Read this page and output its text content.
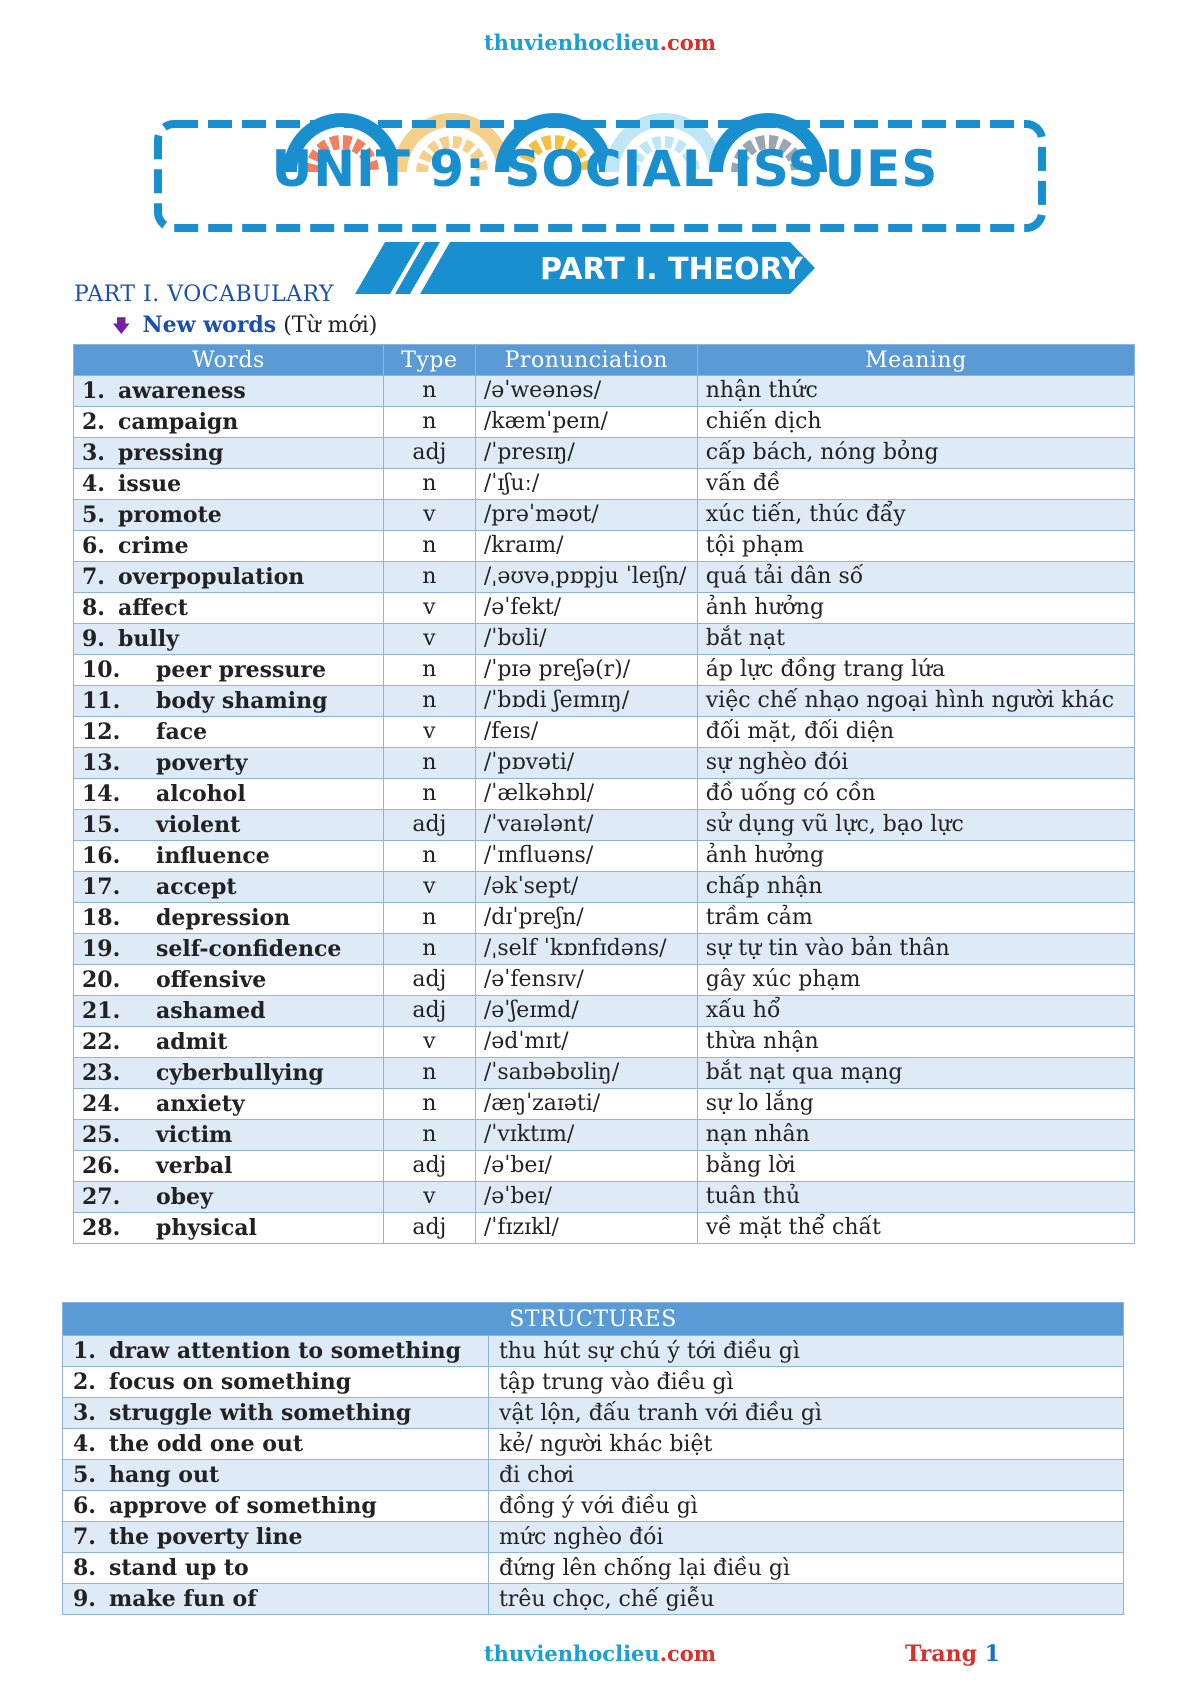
thuvienhoclieu.com
UNIT 9: SOCIAL ISSUES
PART I. THEORY
PART I. VOCABULARY
🡇 New words (Từ mới)
Words	Type	Pronunciation	Meaning
1. awareness	n	/əˈweənəs/	nhận thức
2. campaign	n	/kæmˈpeɪn/	chiến dịch
3. pressing	adj	/ˈpresɪŋ/	cấp bách, nóng bỏng
4. issue	n	/ˈɪʃuː/	vấn đề
5. promote	v	/prəˈməʊt/	xúc tiến, thúc đẩy
6. crime	n	/kraɪm/	tội phạm
7. overpopulation	n	/ˌəʊvəˌpɒpju ˈleɪʃn/	quá tải dân số
8. affect	v	/əˈfekt/	ảnh hưởng
9. bully	v	/ˈbʊli/	bắt nạt
10. peer pressure	n	/ˈpɪə preʃə(r)/	áp lực đồng trang lứa
11. body shaming	n	/ˈbɒdi ʃeɪmɪŋ/	việc chế nhạo ngoại hình người khác
12. face	v	/feɪs/	đối mặt, đối diện
13. poverty	n	/ˈpɒvəti/	sự nghèo đói
14. alcohol	n	/ˈælkəhɒl/	đồ uống có cồn
15. violent	adj	/ˈvaɪələnt/	sử dụng vũ lực, bạo lực
16. influence	n	/ˈɪnfluəns/	ảnh hưởng
17. accept	v	/əkˈsept/	chấp nhận
18. depression	n	/dɪˈpreʃn/	trầm cảm
19. self-confidence	n	/ˌself ˈkɒnfɪdəns/	sự tự tin vào bản thân
20. offensive	adj	/əˈfensɪv/	gây xúc phạm
21. ashamed	adj	/əˈʃeɪmd/	xấu hổ
22. admit	v	/ədˈmɪt/	thừa nhận
23. cyberbullying	n	/ˈsaɪbəbʊliŋ/	bắt nạt qua mạng
24. anxiety	n	/æŋˈzaɪəti/	sự lo lắng
25. victim	n	/ˈvɪktɪm/	nạn nhân
26. verbal	adj	/əˈbeɪ/	bằng lời
27. obey	v	/əˈbeɪ/	tuân thủ
28. physical	adj	/ˈfɪzɪkl/	về mặt thể chất
STRUCTURES	
1. draw attention to something	thu hút sự chú ý tới điều gì
2. focus on something	tập trung vào điều gì
3. struggle with something	vật lộn, đấu tranh với điều gì
4. the odd one out	kẻ/ người khác biệt
5. hang out	đi chơi
6. approve of something	đồng ý với điều gì
7. the poverty line	mức nghèo đói
8. stand up to	đứng lên chống lại điều gì
9. make fun of	trêu chọc, chế giễu
thuvienhoclieu.com	Trang 1
